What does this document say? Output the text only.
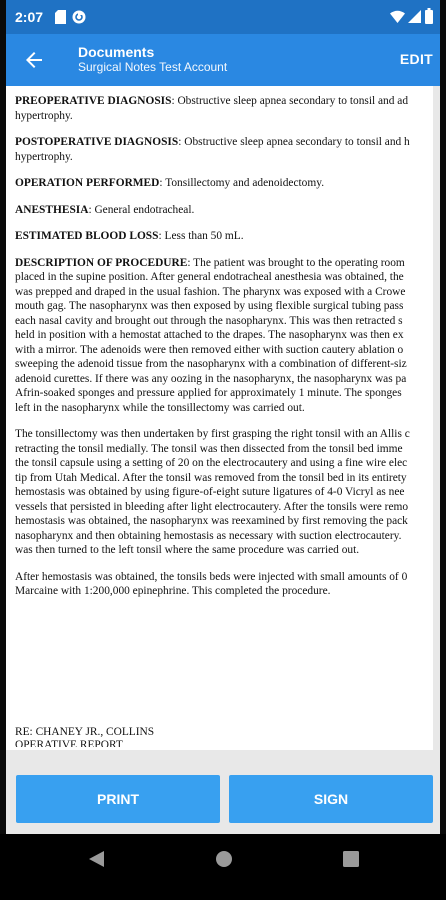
2:07
Documents
Surgical Notes Test Account	EDIT

PREOPERATIVE DIAGNOSIS: Obstructive sleep apnea secondary to tonsil and ad
hypertrophy.

POSTOPERATIVE DIAGNOSIS: Obstructive sleep apnea secondary to tonsil and h
hypertrophy.

OPERATION PERFORMED: Tonsillectomy and adenoidectomy.

ANESTHESIA: General endotracheal.

ESTIMATED BLOOD LOSS: Less than 50 mL.

DESCRIPTION OF PROCEDURE: The patient was brought to the operating room
placed in the supine position. After general endotracheal anesthesia was obtained, the
was prepped and draped in the usual fashion. The pharynx was exposed with a Crowe
mouth gag. The nasopharynx was then exposed by using flexible surgical tubing pass
each nasal cavity and brought out through the nasopharynx. This was then retracted s
held in position with a hemostat attached to the drapes. The nasopharynx was then ex
with a mirror. The adenoids were then removed either with suction cautery ablation o
sweeping the adenoid tissue from the nasopharynx with a combination of different-siz
adenoid curettes. If there was any oozing in the nasopharynx, the nasopharynx was pa
Afrin-soaked sponges and pressure applied for approximately 1 minute. The sponges
left in the nasopharynx while the tonsillectomy was carried out.

The tonsillectomy was then undertaken by first grasping the right tonsil with an Allis c
retracting the tonsil medially. The tonsil was then dissected from the tonsil bed imme
the tonsil capsule using a setting of 20 on the electrocautery and using a fine wire elec
tip from Utah Medical. After the tonsil was removed from the tonsil bed in its entirety
hemostasis was obtained by using figure-of-eight suture ligatures of 4-0 Vicryl as nee
vessels that persisted in bleeding after light electrocautery. After the tonsils were remo
hemostasis was obtained, the nasopharynx was reexamined by first removing the pack
nasopharynx and then obtaining hemostasis as necessary with suction electrocautery.
was then turned to the left tonsil where the same procedure was carried out.

After hemostasis was obtained, the tonsils beds were injected with small amounts of 0
Marcaine with 1:200,000 epinephrine. This completed the procedure.

RE: CHANEY JR., COLLINS
OPERATIVE REPORT
PRINT	SIGN
